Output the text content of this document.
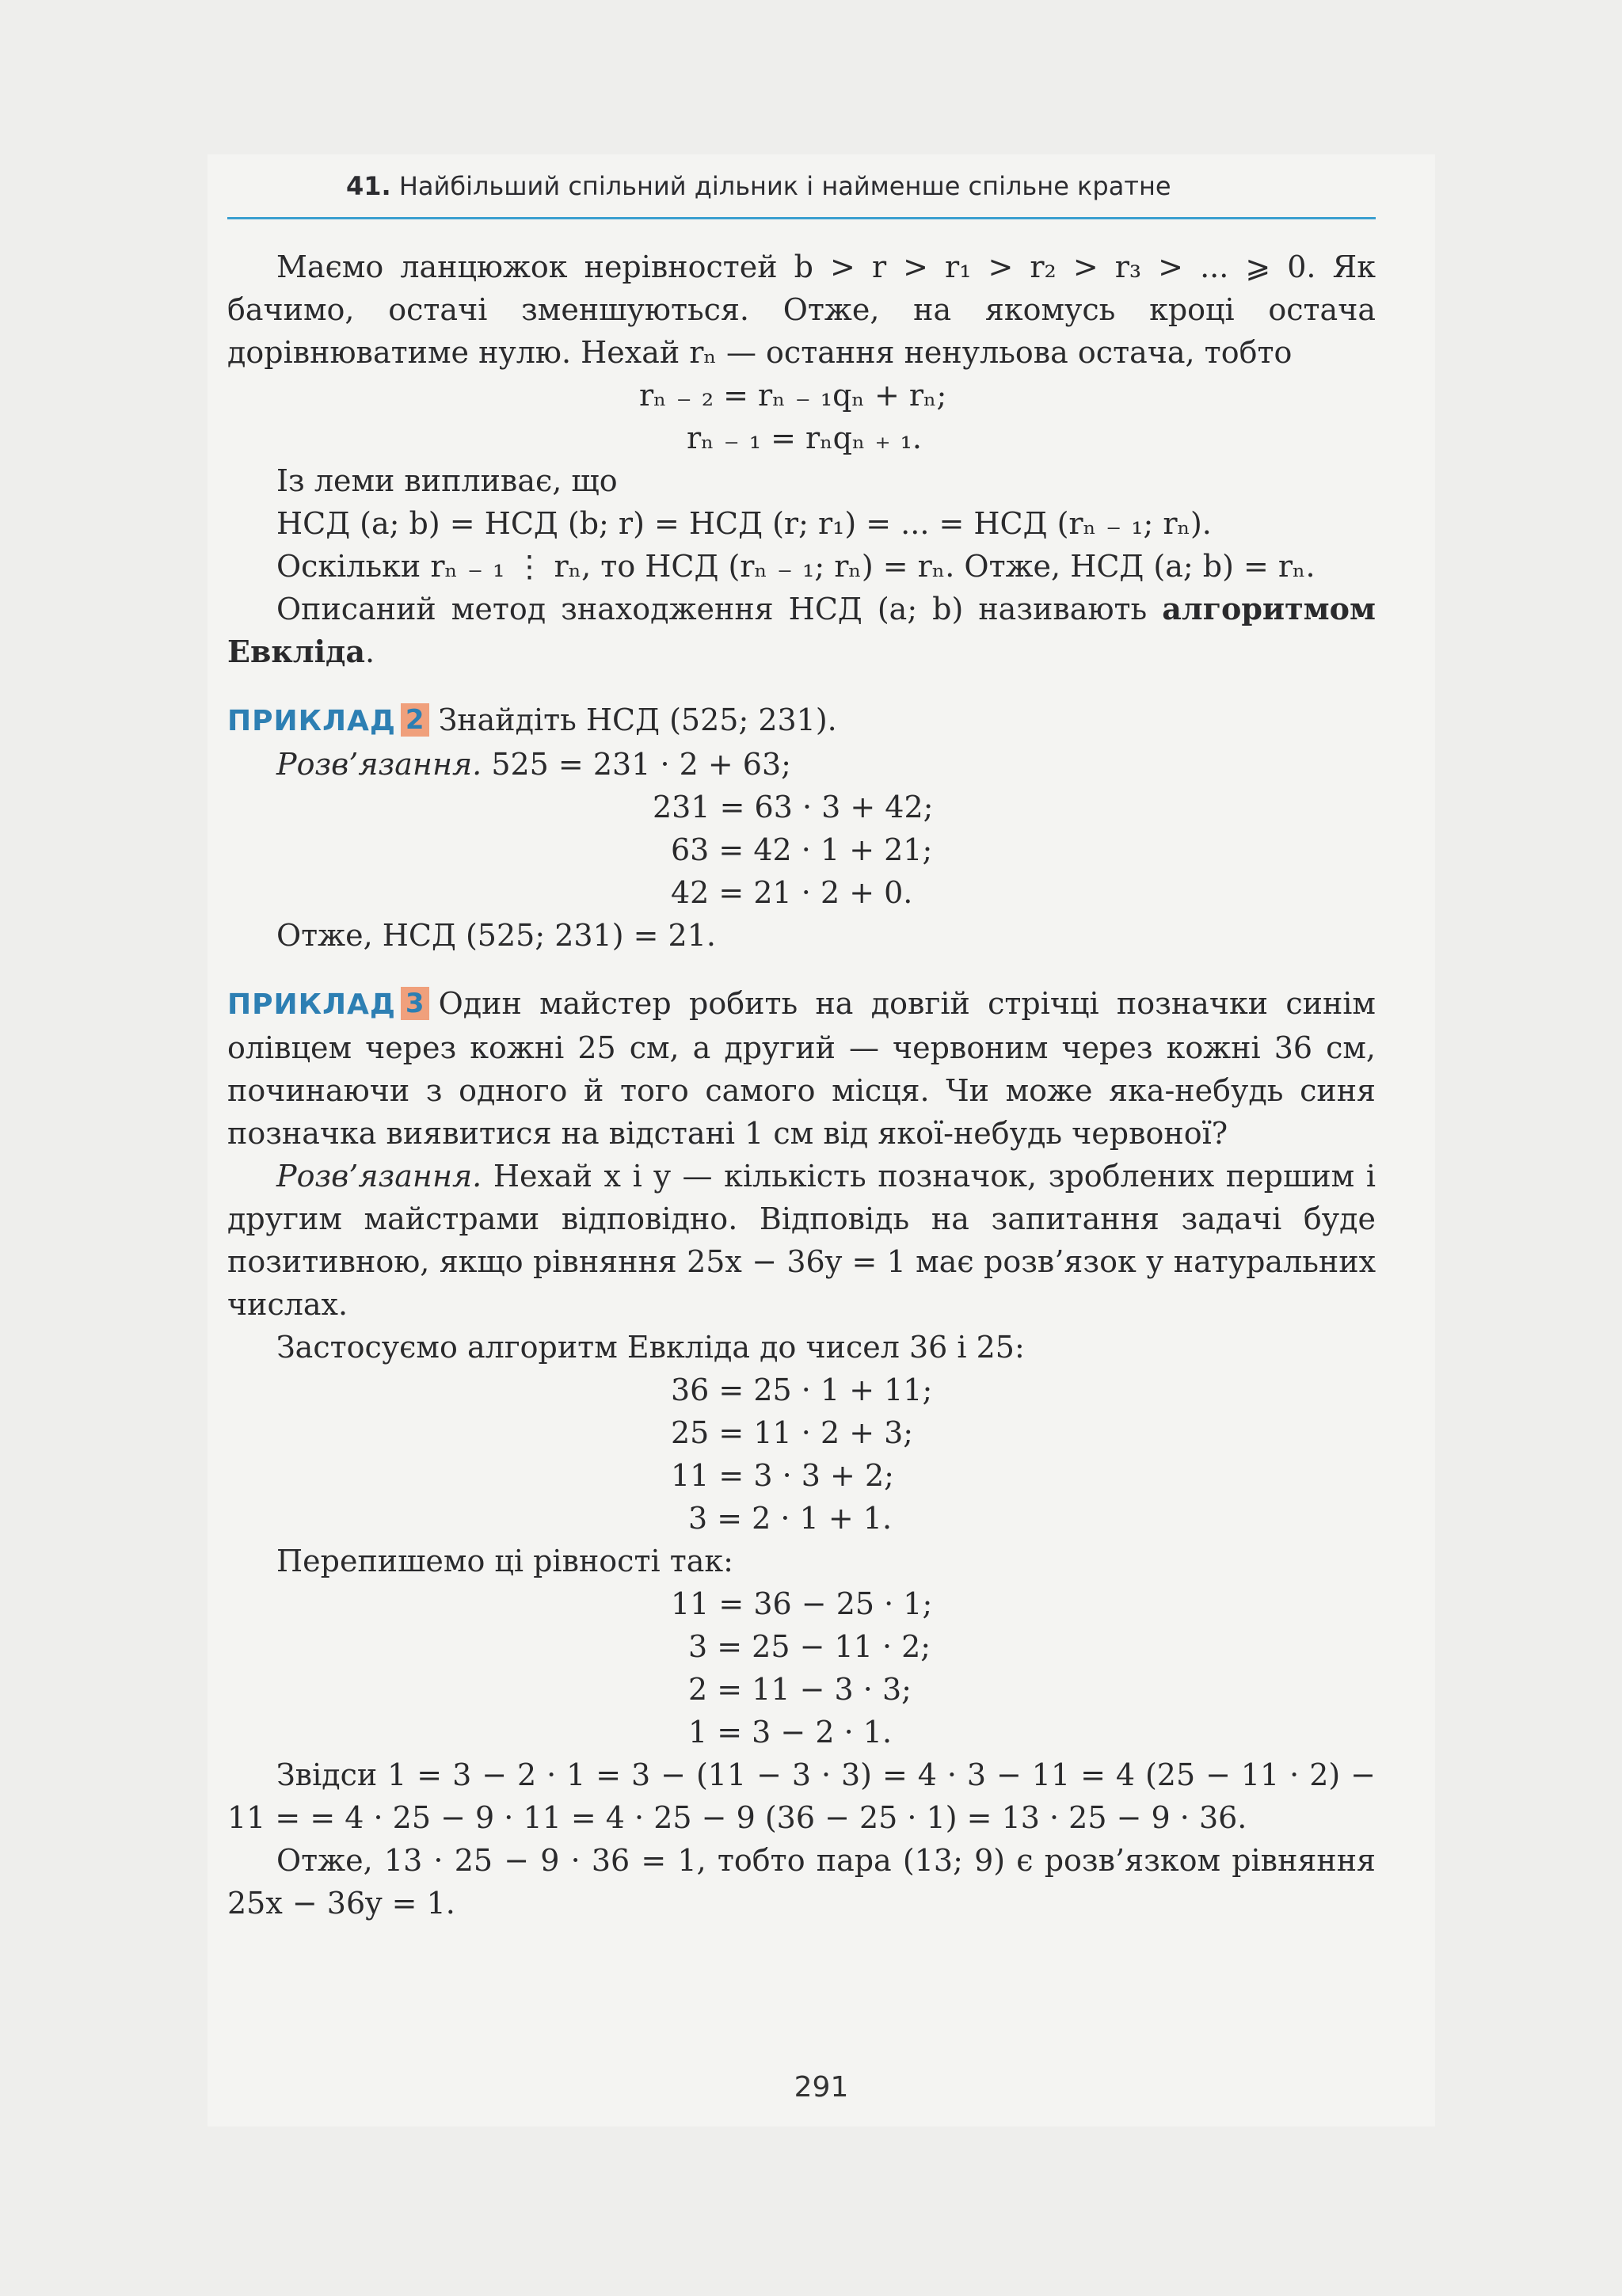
41. Найбільший спільний дільник і найменше спільне кратне

Маємо ланцюжок нерівностей b > r > r₁ > r₂ > r₃ > ... ⩾ 0. Як бачимо, остачі зменшуються. Отже, на якомусь кроці остача дорівнюватиме нулю. Нехай rₙ — остання ненульова остача, тобто

rₙ ₋ ₂ = rₙ ₋ ₁qₙ + rₙ;

rₙ ₋ ₁ = rₙqₙ ₊ ₁.

Із леми випливає, що

НСД (a; b) = НСД (b; r) = НСД (r; r₁) = ... = НСД (rₙ ₋ ₁; rₙ).

Оскільки rₙ ₋ ₁ ⋮ rₙ, то НСД (rₙ ₋ ₁; rₙ) = rₙ. Отже, НСД (a; b) = rₙ.

Описаний метод знаходження НСД (a; b) називають алгоритмом Евкліда.

ПРИКЛАД 2 Знайдіть НСД (525; 231).

Розв’язання. 525 = 231 · 2 + 63;

231 = 63 · 3 + 42;

63 = 42 · 1 + 21;

42 = 21 · 2 + 0.

Отже, НСД (525; 231) = 21.

ПРИКЛАД 3 Один майстер робить на довгій стрічці позначки синім олівцем через кожні 25 см, а другий — червоним через кожні 36 см, починаючи з одного й того самого місця. Чи може яка-небудь синя позначка виявитися на відстані 1 см від якої-небудь червоної?

Розв’язання. Нехай x і y — кількість позначок, зроблених першим і другим майстрами відповідно. Відповідь на запитання задачі буде позитивною, якщо рівняння 25x − 36y = 1 має розв’язок у натуральних числах.

Застосуємо алгоритм Евкліда до чисел 36 і 25:

36 = 25 · 1 + 11;

25 = 11 · 2 + 3;

11 = 3 · 3 + 2;

3 = 2 · 1 + 1.

Перепишемо ці рівності так:

11 = 36 − 25 · 1;

3 = 25 − 11 · 2;

2 = 11 − 3 · 3;

1 = 3 − 2 · 1.

Звідси 1 = 3 − 2 · 1 = 3 − (11 − 3 · 3) = 4 · 3 − 11 = 4 (25 − 11 · 2) − 11 = = 4 · 25 − 9 · 11 = 4 · 25 − 9 (36 − 25 · 1) = 13 · 25 − 9 · 36.

Отже, 13 · 25 − 9 · 36 = 1, тобто пара (13; 9) є розв’язком рівняння 25x − 36y = 1.

291
